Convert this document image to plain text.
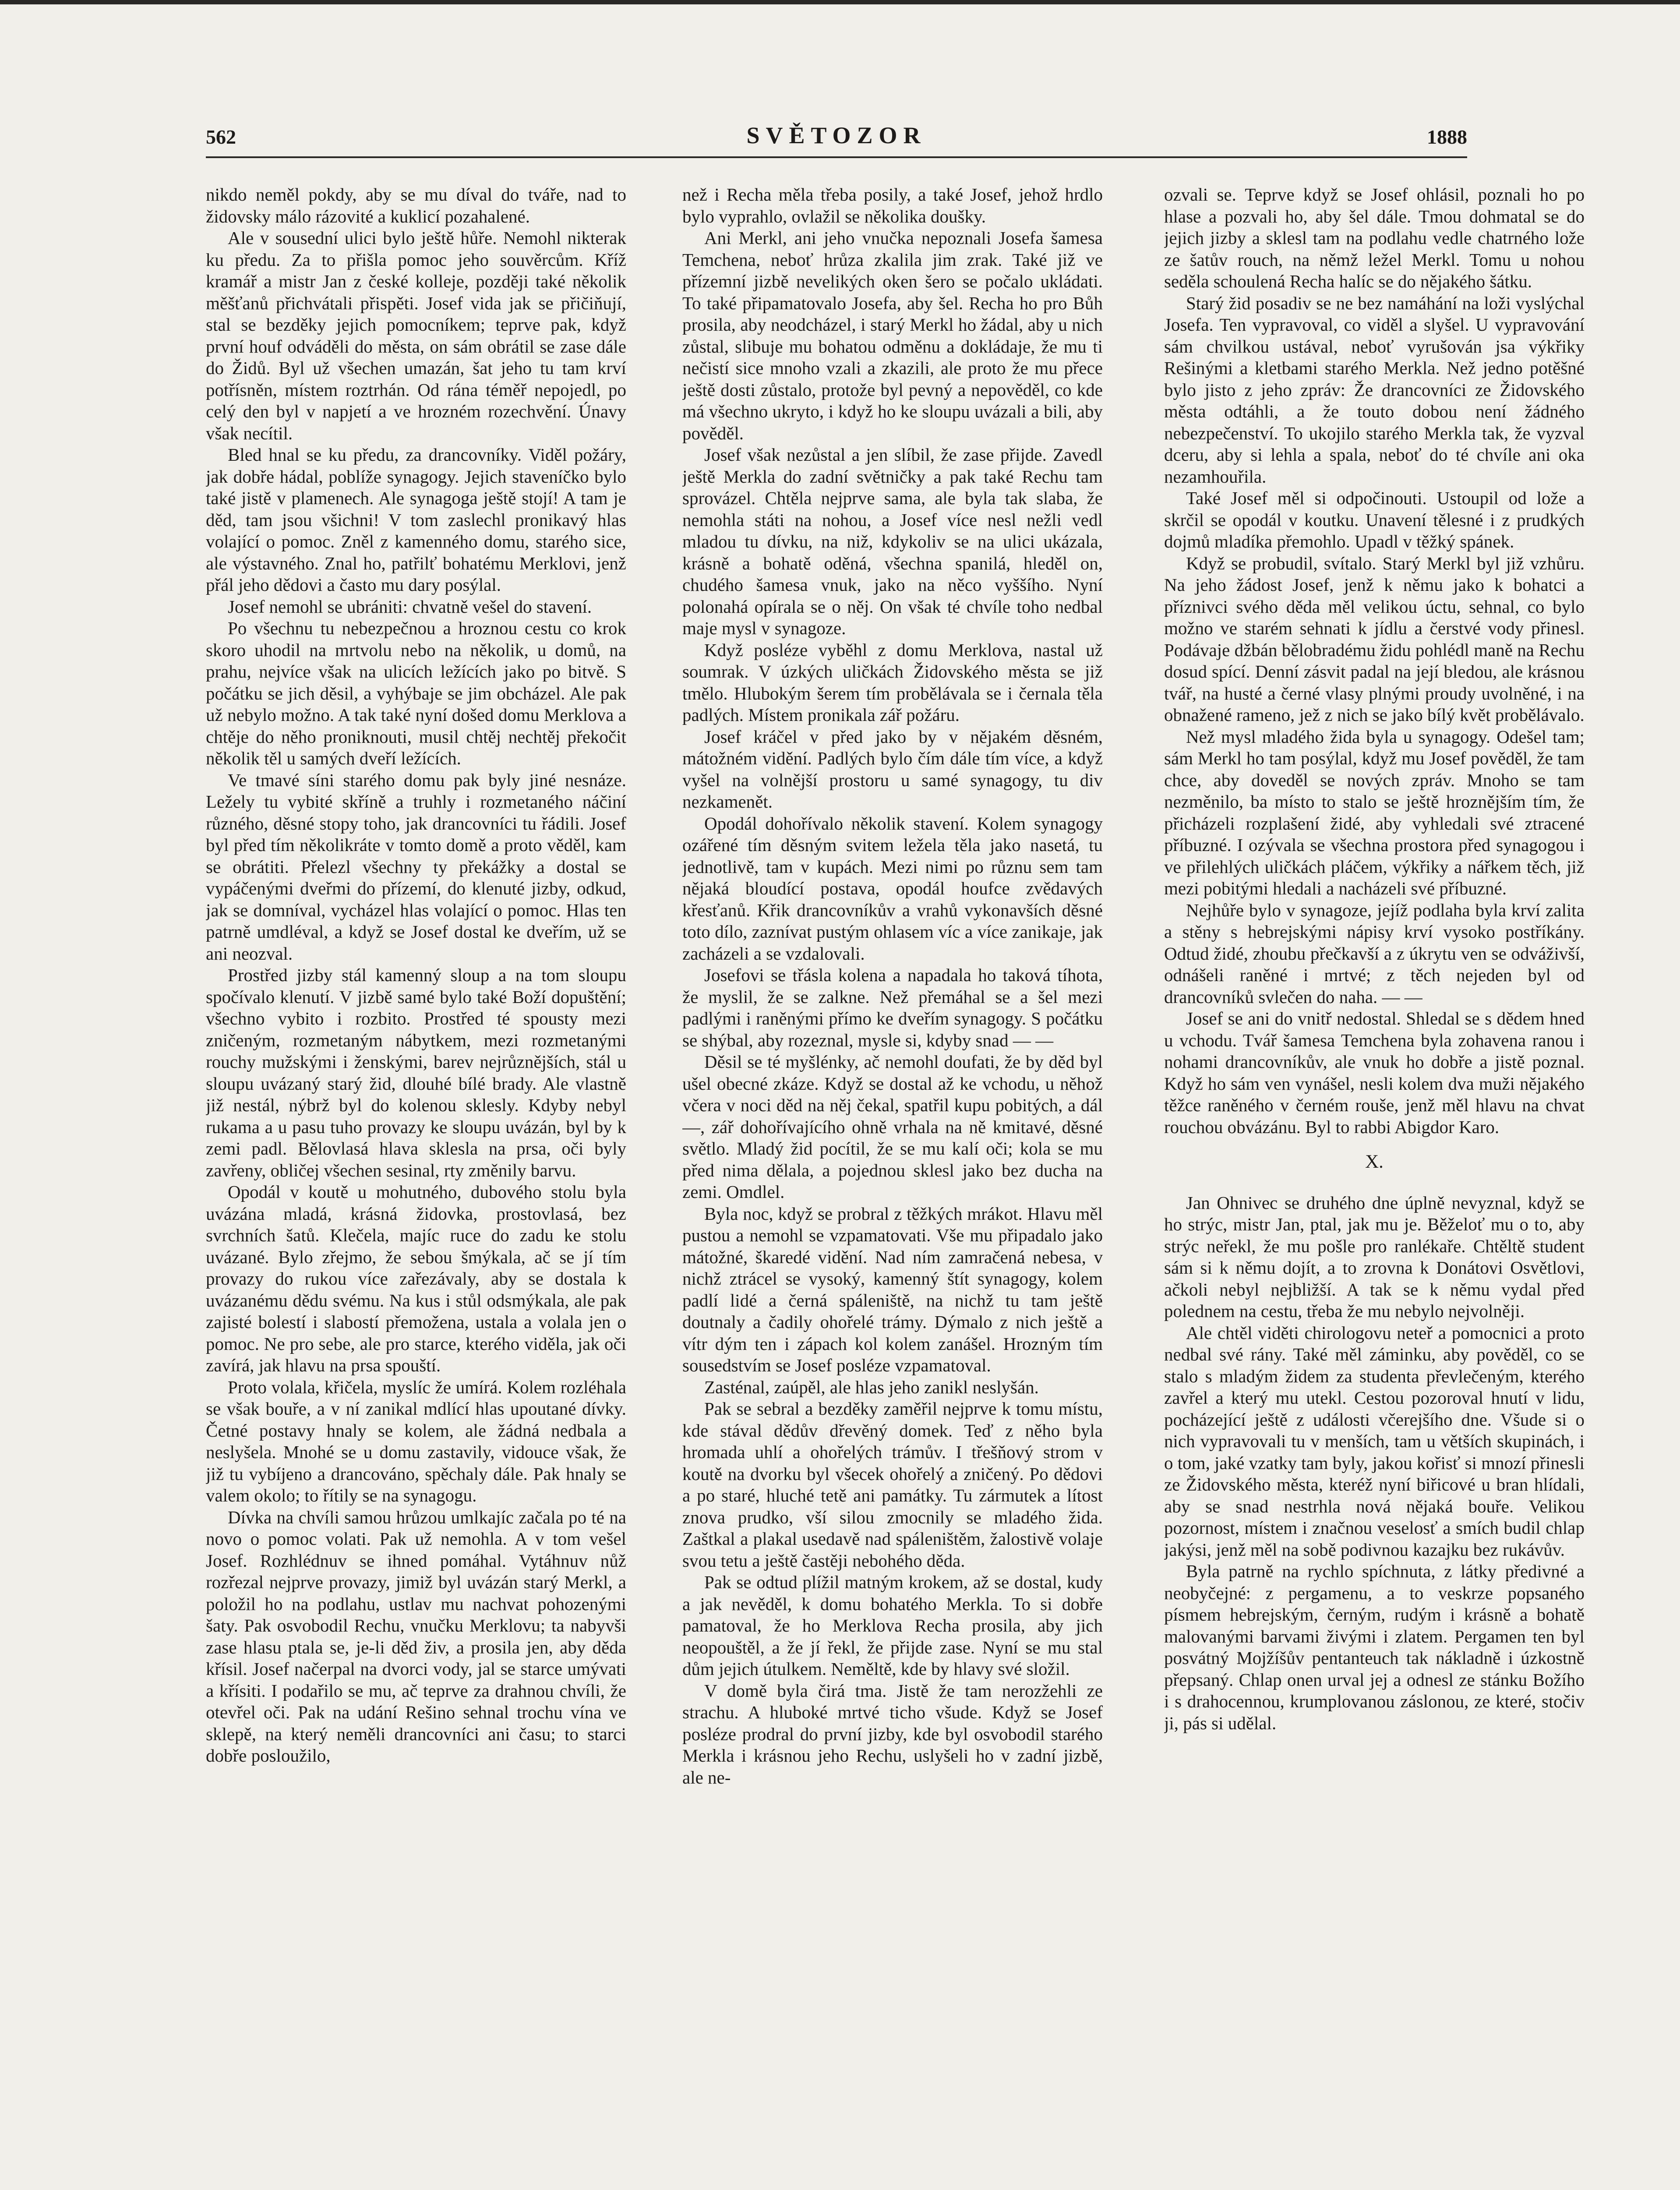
562	SVĚTOZOR	1888

nikdo neměl pokdy, aby se mu díval do tváře, nad to židovsky málo rázovité a kuklicí pozahalené.

Ale v sousední ulici bylo ještě hůře. Nemohl nikterak ku předu. Za to přišla pomoc jeho souvěrcům. Kříž kramář a mistr Jan z české kolleje, později také několik měšťanů přichvátali přispěti. Josef vida jak se přičiňují, stal se bezděky jejich pomocníkem; teprve pak, když první houf odváděli do města, on sám obrátil se zase dále do Židů. Byl už všechen umazán, šat jeho tu tam krví potřísněn, místem roztrhán. Od rána téměř nepojedl, po celý den byl v napjetí a ve hrozném rozechvění. Únavy však necítil.

Bled hnal se ku předu, za drancovníky. Viděl požáry, jak dobře hádal, poblíže synagogy. Jejich staveníčko bylo také jistě v plamenech. Ale synagoga ještě stojí! A tam je děd, tam jsou všichni! V tom zaslechl pronikavý hlas volající o pomoc. Zněl z kamenného domu, starého sice, ale výstavného. Znal ho, patřilť bohatému Merklovi, jenž přál jeho dědovi a často mu dary posýlal.

Josef nemohl se ubrániti: chvatně vešel do stavení.

Po všechnu tu nebezpečnou a hroznou cestu co krok skoro uhodil na mrtvolu nebo na několik, u domů, na prahu, nejvíce však na ulicích ležících jako po bitvě. S počátku se jich děsil, a vyhýbaje se jim obcházel. Ale pak už nebylo možno. A tak také nyní došed domu Merklova a chtěje do něho proniknouti, musil chtěj nechtěj překočit několik těl u samých dveří ležících.

Ve tmavé síni starého domu pak byly jiné nesnáze. Ležely tu vybité skříně a truhly i rozmetaného náčiní různého, děsné stopy toho, jak drancovníci tu řádili. Josef byl před tím několikráte v tomto domě a proto věděl, kam se obrátiti. Přelezl všechny ty překážky a dostal se vypáčenými dveřmi do přízemí, do klenuté jizby, odkud, jak se domníval, vycházel hlas volající o pomoc. Hlas ten patrně umdléval, a když se Josef dostal ke dveřím, už se ani neozval.

Prostřed jizby stál kamenný sloup a na tom sloupu spočívalo klenutí. V jizbě samé bylo také Boží dopuštění; všechno vybito i rozbito. Prostřed té spousty mezi zničeným, rozmetaným nábytkem, mezi rozmetanými rouchy mužskými i ženskými, barev nejrůznějších, stál u sloupu uvázaný starý žid, dlouhé bílé brady. Ale vlastně již nestál, nýbrž byl do kolenou sklesly. Kdyby nebyl rukama a u pasu tuho provazy ke sloupu uvázán, byl by k zemi padl. Bělovlasá hlava sklesla na prsa, oči byly zavřeny, obličej všechen sesinal, rty změnily barvu.

Opodál v koutě u mohutného, dubového stolu byla uvázána mladá, krásná židovka, prostovlasá, bez svrchních šatů. Klečela, majíc ruce do zadu ke stolu uvázané. Bylo zřejmo, že sebou šmýkala, ač se jí tím provazy do rukou více zařezávaly, aby se dostala k uvázanému dědu svému. Na kus i stůl odsmýkala, ale pak zajisté bolestí i slabostí přemožena, ustala a volala jen o pomoc. Ne pro sebe, ale pro starce, kterého viděla, jak oči zavírá, jak hlavu na prsa spouští.

Proto volala, křičela, myslíc že umírá. Kolem rozléhala se však bouře, a v ní zanikal mdlící hlas upoutané dívky. Četné postavy hnaly se kolem, ale žádná nedbala a neslyšela. Mnohé se u domu zastavily, vidouce však, že již tu vybíjeno a drancováno, spěchaly dále. Pak hnaly se valem okolo; to řítily se na synagogu.

Dívka na chvíli samou hrůzou umlkajíc začala po té na novo o pomoc volati. Pak už nemohla. A v tom vešel Josef. Rozhlédnuv se ihned pomáhal. Vytáhnuv nůž rozřezal nejprve provazy, jimiž byl uvázán starý Merkl, a položil ho na podlahu, ustlav mu nachvat pohozenými šaty. Pak osvobodil Rechu, vnučku Merklovu; ta nabyvši zase hlasu ptala se, je-li děd živ, a prosila jen, aby děda křísil. Josef načerpal na dvorci vody, jal se starce umývati a křísiti. I podařilo se mu, ač teprve za drahnou chvíli, že otevřel oči. Pak na udání Rešino sehnal trochu vína ve sklepě, na který neměli drancovníci ani času; to starci dobře posloužilo,

než i Recha měla třeba posily, a také Josef, jehož hrdlo bylo vyprahlo, ovlažil se několika doušky.

Ani Merkl, ani jeho vnučka nepoznali Josefa šamesa Temchena, neboť hrůza zkalila jim zrak. Také již ve přízemní jizbě nevelikých oken šero se počalo ukládati. To také připamatovalo Josefa, aby šel. Recha ho pro Bůh prosila, aby neodcházel, i starý Merkl ho žádal, aby u nich zůstal, slibuje mu bohatou odměnu a dokládaje, že mu ti nečistí sice mnoho vzali a zkazili, ale proto že mu přece ještě dosti zůstalo, protože byl pevný a nepověděl, co kde má všechno ukryto, i když ho ke sloupu uvázali a bili, aby pověděl.

Josef však nezůstal a jen slíbil, že zase přijde. Zavedl ještě Merkla do zadní světničky a pak také Rechu tam sprovázel. Chtěla nejprve sama, ale byla tak slaba, že nemohla státi na nohou, a Josef více nesl nežli vedl mladou tu dívku, na niž, kdykoliv se na ulici ukázala, krásně a bohatě oděná, všechna spanilá, hleděl on, chudého šamesa vnuk, jako na něco vyššího. Nyní polonahá opírala se o něj. On však té chvíle toho nedbal maje mysl v synagoze.

Když posléze vyběhl z domu Merklova, nastal už soumrak. V úzkých uličkách Židovského města se již tmělo. Hlubokým šerem tím probělávala se i černala těla padlých. Místem pronikala zář požáru.

Josef kráčel v před jako by v nějakém děsném, mátožném vidění. Padlých bylo čím dále tím více, a když vyšel na volnější prostoru u samé synagogy, tu div nezkamenět.

Opodál dohořívalo několik stavení. Kolem synagogy ozářené tím děsným svitem ležela těla jako nasetá, tu jednotlivě, tam v kupách. Mezi nimi po různu sem tam nějaká bloudící postava, opodál houfce zvědavých křesťanů. Křik drancovníkův a vrahů vykonavších děsné toto dílo, zaznívat pustým ohlasem víc a více zanikaje, jak zacházeli a se vzdalovali.

Josefovi se třásla kolena a napadala ho taková tíhota, že myslil, že se zalkne. Než přemáhal se a šel mezi padlými i raněnými přímo ke dveřím synagogy. S počátku se shýbal, aby rozeznal, mysle si, kdyby snad — —

Děsil se té myšlénky, ač nemohl doufati, že by děd byl ušel obecné zkáze. Když se dostal až ke vchodu, u něhož včera v noci děd na něj čekal, spatřil kupu pobitých, a dál —, zář dohořívajícího ohně vrhala na ně kmitavé, děsné světlo. Mladý žid pocítil, že se mu kalí oči; kola se mu před nima dělala, a pojednou sklesl jako bez ducha na zemi. Omdlel.

Byla noc, když se probral z těžkých mrákot. Hlavu měl pustou a nemohl se vzpamatovati. Vše mu připadalo jako mátožné, škaredé vidění. Nad ním zamračená nebesa, v nichž ztrácel se vysoký, kamenný štít synagogy, kolem padlí lidé a černá spáleniště, na nichž tu tam ještě doutnaly a čadily ohořelé trámy. Dýmalo z nich ještě a vítr dým ten i zápach kol kolem zanášel. Hrozným tím sousedstvím se Josef posléze vzpamatoval.

Zasténal, zaúpěl, ale hlas jeho zanikl neslyšán.

Pak se sebral a bezděky zaměřil nejprve k tomu místu, kde stával dědův dřevěný domek. Teď z něho byla hromada uhlí a ohořelých trámův. I třešňový strom v koutě na dvorku byl všecek ohořelý a zničený. Po dědovi a po staré, hluché tetě ani památky. Tu zármutek a lítost znova prudko, vší silou zmocnily se mladého žida. Zaštkal a plakal usedavě nad spáleništěm, žalostivě volaje svou tetu a ještě častěji nebohého děda.

Pak se odtud plížil matným krokem, až se dostal, kudy a jak nevěděl, k domu bohatého Merkla. To si dobře pamatoval, že ho Merklova Recha prosila, aby jich neopouštěl, a že jí řekl, že přijde zase. Nyní se mu stal dům jejich útulkem. Neměltě, kde by hlavy své složil.

V domě byla čirá tma. Jistě že tam nerozžehli ze strachu. A hluboké mrtvé ticho všude. Když se Josef posléze prodral do první jizby, kde byl osvobodil starého Merkla i krásnou jeho Rechu, uslyšeli ho v zadní jizbě, ale ne-

ozvali se. Teprve když se Josef ohlásil, poznali ho po hlase a pozvali ho, aby šel dále. Tmou dohmatal se do jejich jizby a sklesl tam na podlahu vedle chatrného lože ze šatův rouch, na němž ležel Merkl. Tomu u nohou seděla schoulená Recha halíc se do nějakého šátku.

Starý žid posadiv se ne bez namáhání na loži vyslýchal Josefa. Ten vypravoval, co viděl a slyšel. U vypravování sám chvilkou ustával, neboť vyrušován jsa výkřiky Rešinými a kletbami starého Merkla. Než jedno potěšné bylo jisto z jeho zpráv: Že drancovníci ze Židovského města odtáhli, a že touto dobou není žádného nebezpečenství. To ukojilo starého Merkla tak, že vyzval dceru, aby si lehla a spala, neboť do té chvíle ani oka nezamhouřila.

Také Josef měl si odpočinouti. Ustoupil od lože a skrčil se opodál v koutku. Unavení tělesné i z prudkých dojmů mladíka přemohlo. Upadl v těžký spánek.

Když se probudil, svítalo. Starý Merkl byl již vzhůru. Na jeho žádost Josef, jenž k němu jako k bohatci a příznivci svého děda měl velikou úctu, sehnal, co bylo možno ve starém sehnati k jídlu a čerstvé vody přinesl. Podávaje džbán bělobradému židu pohlédl maně na Rechu dosud spící. Denní zásvit padal na její bledou, ale krásnou tvář, na husté a černé vlasy plnými proudy uvolněné, i na obnažené rameno, jež z nich se jako bílý květ probělávalo.

Než mysl mladého žida byla u synagogy. Odešel tam; sám Merkl ho tam posýlal, když mu Josef pověděl, že tam chce, aby doveděl se nových zpráv. Mnoho se tam nezměnilo, ba místo to stalo se ještě hroznějším tím, že přicházeli rozplašení židé, aby vyhledali své ztracené příbuzné. I ozývala se všechna prostora před synagogou i ve přilehlých uličkách pláčem, výkřiky a nářkem těch, již mezi pobitými hledali a nacházeli své příbuzné.

Nejhůře bylo v synagoze, jejíž podlaha byla krví zalita a stěny s hebrejskými nápisy krví vysoko postříkány. Odtud židé, zhoubu přečkavší a z úkrytu ven se odváživší, odnášeli raněné i mrtvé; z těch nejeden byl od drancovníků svlečen do naha. — —

Josef se ani do vnitř nedostal. Shledal se s dědem hned u vchodu. Tvář šamesa Temchena byla zohavena ranou i nohami drancovníkův, ale vnuk ho dobře a jistě poznal. Když ho sám ven vynášel, nesli kolem dva muži nějakého těžce raněného v černém rouše, jenž měl hlavu na chvat rouchou obvázánu. Byl to rabbi Abigdor Karo.

X.

Jan Ohnivec se druhého dne úplně nevyznal, když se ho strýc, mistr Jan, ptal, jak mu je. Běželoť mu o to, aby strýc neřekl, že mu pošle pro ranlékaře. Chtěltě student sám si k němu dojít, a to zrovna k Donátovi Osvětlovi, ačkoli nebyl nejbližší. A tak se k němu vydal před polednem na cestu, třeba že mu nebylo nejvolněji.

Ale chtěl viděti chirologovu neteř a pomocnici a proto nedbal své rány. Také měl záminku, aby pověděl, co se stalo s mladým židem za studenta převlečeným, kterého zavřel a který mu utekl. Cestou pozoroval hnutí v lidu, pocházející ještě z události včerejšího dne. Všude si o nich vypravovali tu v menších, tam u větších skupinách, i o tom, jaké vzatky tam byly, jakou kořisť si mnozí přinesli ze Židovského města, kteréž nyní biřicové u bran hlídali, aby se snad nestrhla nová nějaká bouře. Velikou pozornost, místem i značnou veselosť a smích budil chlap jakýsi, jenž měl na sobě podivnou kazajku bez rukávův.

Byla patrně na rychlo spíchnuta, z látky předivné a neobyčejné: z pergamenu, a to veskrze popsaného písmem hebrejským, černým, rudým i krásně a bohatě malovanými barvami živými i zlatem. Pergamen ten byl posvátný Mojžíšův pentanteuch tak nákladně i úzkostně přepsaný. Chlap onen urval jej a odnesl ze stánku Božího i s drahocennou, krumplovanou záslonou, ze které, stočiv ji, pás si udělal.
